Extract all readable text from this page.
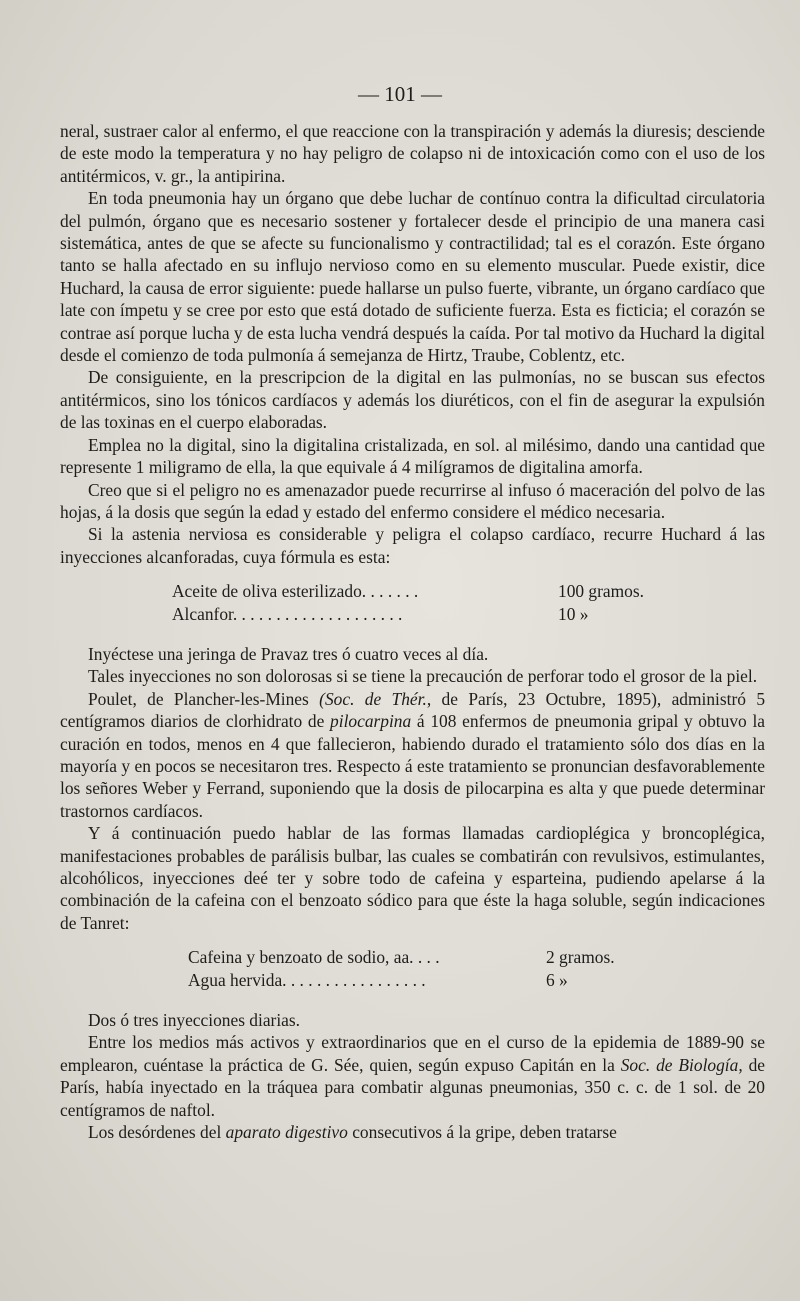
— 101 —

neral, sustraer calor al enfermo, el que reaccione con la transpiración y además la diuresis; desciende de este modo la temperatura y no hay peligro de colapso ni de intoxicación como con el uso de los antitérmicos, v. gr., la antipirina.

En toda pneumonia hay un órgano que debe luchar de contínuo contra la dificultad circulatoria del pulmón, órgano que es necesario sostener y fortalecer desde el principio de una manera casi sistemática, antes de que se afecte su funcionalismo y contractilidad; tal es el corazón. Este órgano tanto se halla afectado en su influjo nervioso como en su elemento muscular. Puede existir, dice Huchard, la causa de error siguiente: puede hallarse un pulso fuerte, vibrante, un órgano cardíaco que late con ímpetu y se cree por esto que está dotado de suficiente fuerza. Esta es ficticia; el corazón se contrae así porque lucha y de esta lucha vendrá después la caída. Por tal motivo da Huchard la digital desde el comienzo de toda pulmonía á semejanza de Hirtz, Traube, Coblentz, etc.

De consiguiente, en la prescripcion de la digital en las pulmonías, no se buscan sus efectos antitérmicos, sino los tónicos cardíacos y además los diuréticos, con el fin de asegurar la expulsión de las toxinas en el cuerpo elaboradas.

Emplea no la digital, sino la digitalina cristalizada, en sol. al milésimo, dando una cantidad que represente 1 miligramo de ella, la que equivale á 4 milígramos de digitalina amorfa.

Creo que si el peligro no es amenazador puede recurrirse al infuso ó maceración del polvo de las hojas, á la dosis que según la edad y estado del enfermo considere el médico necesaria.

Si la astenia nerviosa es considerable y peligra el colapso cardíaco, recurre Huchard á las inyecciones alcanforadas, cuya fórmula es esta:

Aceite de oliva esterilizado. . . . . . .	100 gramos.
Alcanfor. . . . . . . . . . . . . . . . . . . .	10 »

Inyéctese una jeringa de Pravaz tres ó cuatro veces al día.

Tales inyecciones no son dolorosas si se tiene la precaución de perforar todo el grosor de la piel.

Poulet, de Plancher-les-Mines (Soc. de Thér., de París, 23 Octubre, 1895), administró 5 centígramos diarios de clorhidrato de pilocarpina á 108 enfermos de pneumonia gripal y obtuvo la curación en todos, menos en 4 que fallecieron, habiendo durado el tratamiento sólo dos días en la mayoría y en pocos se necesitaron tres. Respecto á este tratamiento se pronuncian desfavorablemente los señores Weber y Ferrand, suponiendo que la dosis de pilocarpina es alta y que puede determinar trastornos cardíacos.

Y á continuación puedo hablar de las formas llamadas cardioplégica y broncoplégica, manifestaciones probables de parálisis bulbar, las cuales se combatirán con revulsivos, estimulantes, alcohólicos, inyecciones deé ter y sobre todo de cafeina y esparteina, pudiendo apelarse á la combinación de la cafeina con el benzoato sódico para que éste la haga soluble, según indicaciones de Tanret:

Cafeina y benzoato de sodio, aa. . . .	2 gramos.
Agua hervida. . . . . . . . . . . . . . . . .	6 »

Dos ó tres inyecciones diarias.

Entre los medios más activos y extraordinarios que en el curso de la epidemia de 1889-90 se emplearon, cuéntase la práctica de G. Sée, quien, según expuso Capitán en la Soc. de Biología, de París, había inyectado en la tráquea para combatir algunas pneumonias, 350 c. c. de 1 sol. de 20 centígramos de naftol.

Los desórdenes del aparato digestivo consecutivos á la gripe, deben tratarse
